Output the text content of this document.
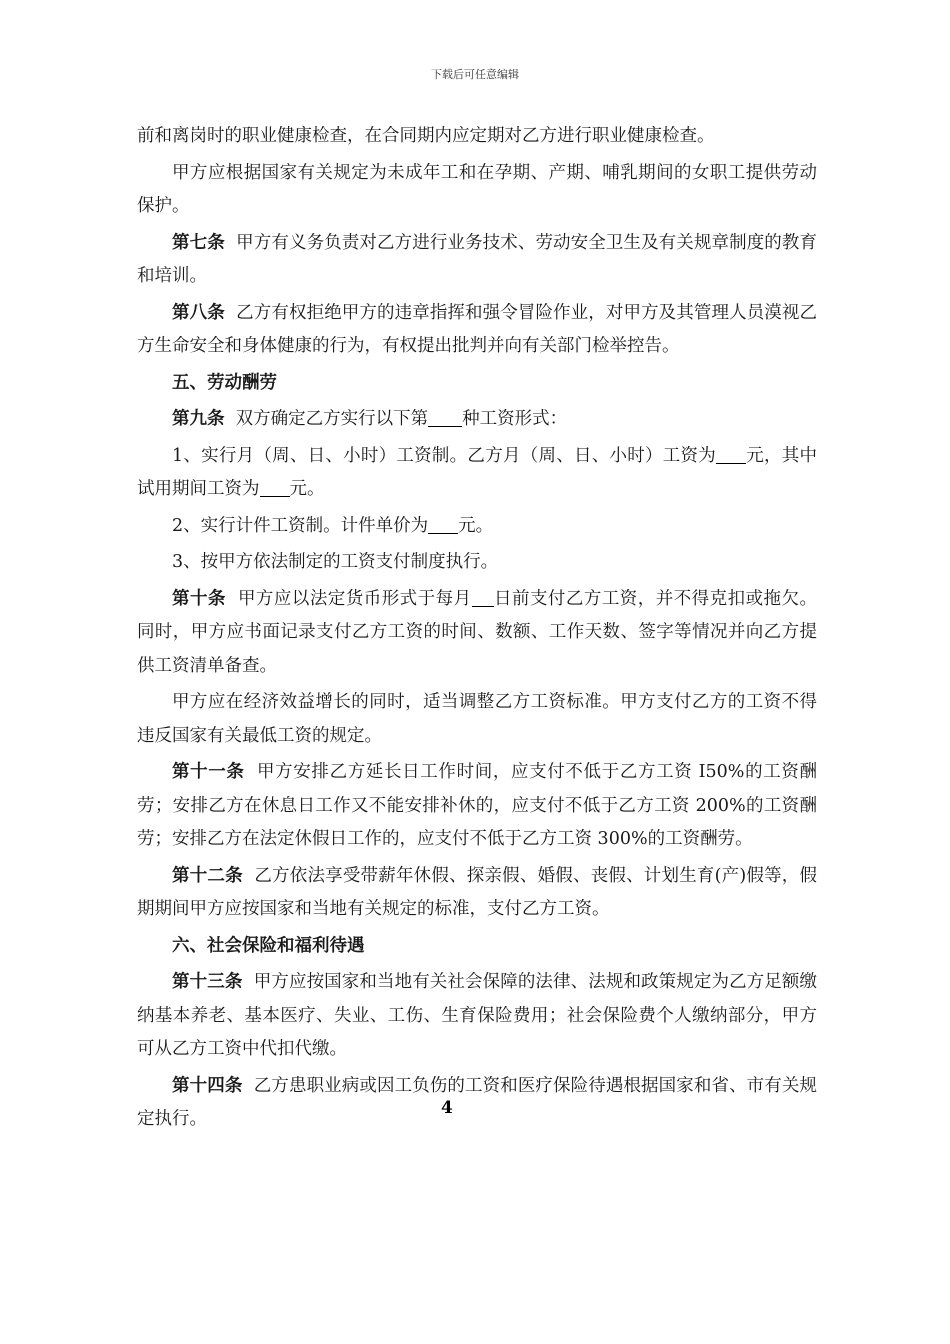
下载后可任意编辑

前和离岗时的职业健康检查，在合同期内应定期对乙方进行职业健康检查。

甲方应根据国家有关规定为未成年工和在孕期、产期、哺乳期间的女职工提供劳动保护。

第七条 甲方有义务负责对乙方进行业务技术、劳动安全卫生及有关规章制度的教育和培训。

第八条 乙方有权拒绝甲方的违章指挥和强令冒险作业，对甲方及其管理人员漠视乙方生命安全和身体健康的行为，有权提出批判并向有关部门检举控告。

五、劳动酬劳

第九条 双方确定乙方实行以下第 种工资形式：

1、实行月（周、日、小时）工资制。乙方月（周、日、小时）工资为 元，其中试用期间工资为 元。

2、实行计件工资制。计件单价为 元。

3、按甲方依法制定的工资支付制度执行。

第十条 甲方应以法定货币形式于每月 日前支付乙方工资，并不得克扣或拖欠。同时，甲方应书面记录支付乙方工资的时间、数额、工作天数、签字等情况并向乙方提供工资清单备查。

甲方应在经济效益增长的同时，适当调整乙方工资标准。甲方支付乙方的工资不得违反国家有关最低工资的规定。

第十一条 甲方安排乙方延长日工作时间，应支付不低于乙方工资 I50%的工资酬劳；安排乙方在休息日工作又不能安排补休的，应支付不低于乙方工资 200%的工资酬劳；安排乙方在法定休假日工作的，应支付不低于乙方工资 300%的工资酬劳。

第十二条 乙方依法享受带薪年休假、探亲假、婚假、丧假、计划生育(产)假等，假期期间甲方应按国家和当地有关规定的标准，支付乙方工资。

六、社会保险和福利待遇

第十三条 甲方应按国家和当地有关社会保障的法律、法规和政策规定为乙方足额缴纳基本养老、基本医疗、失业、工伤、生育保险费用；社会保险费个人缴纳部分，甲方可从乙方工资中代扣代缴。

第十四条 乙方患职业病或因工负伤的工资和医疗保险待遇根据国家和省、市有关规定执行。

4
